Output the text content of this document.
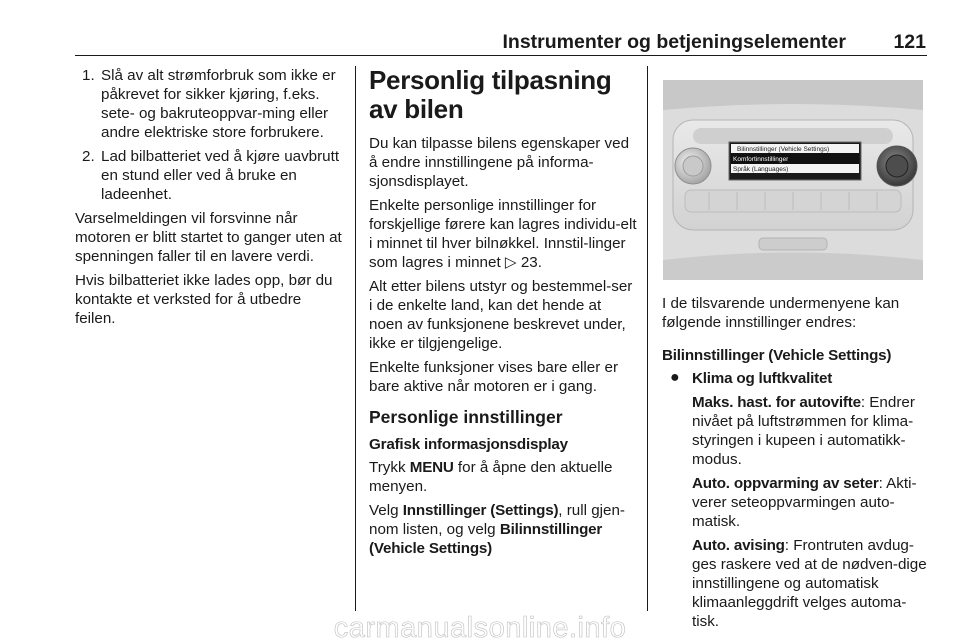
Instrumenter og betjeningselementer	121
1. Slå av alt strømforbruk som ikke er påkrevet for sikker kjøring, f.eks. sete- og bakruteoppvar-ming eller andre elektriske store forbrukere.
2. Lad bilbatteriet ved å kjøre uavbrutt en stund eller ved å bruke en ladeenhet.

Varselmeldingen vil forsvinne når motoren er blitt startet to ganger uten at spenningen faller til en lavere verdi.

Hvis bilbatteriet ikke lades opp, bør du kontakte et verksted for å utbedre feilen.

Personlig tilpasning av bilen

Du kan tilpasse bilens egenskaper ved å endre innstillingene på informa-sjonsdisplayet.

Enkelte personlige innstillinger for forskjellige førere kan lagres individu-elt i minnet til hver bilnøkkel. Innstil-linger som lagres i minnet ▷ 23.

Alt etter bilens utstyr og bestemmel-ser i de enkelte land, kan det hende at noen av funksjonene beskrevet under, ikke er tilgjengelige.

Enkelte funksjoner vises bare eller er bare aktive når motoren er i gang.

Personlige innstillinger
Grafisk informasjonsdisplay

Trykk MENU for å åpne den aktuelle menyen.

Velg Innstillinger (Settings), rull gjen-nom listen, og velg Bilinnstillinger (Vehicle Settings)

Bilinnstillinger (Vehicle Settings)
Komfortinnstillinger
Språk (Languages)

I de tilsvarende undermenyene kan følgende innstillinger endres:

Bilinnstillinger (Vehicle Settings)
● Klima og luftkvalitet

Maks. hast. for autovifte: Endrer nivået på luftstrømmen for klima-styringen i kupeen i automatikk-modus.

Auto. oppvarming av seter: Akti-verer seteoppvarmingen auto-matisk.

Auto. avising: Frontruten avdug-ges raskere ved at de nødven-dige innstillingene og automatisk klimaanleggdrift velges automa-tisk.

carmanualsonline.info
